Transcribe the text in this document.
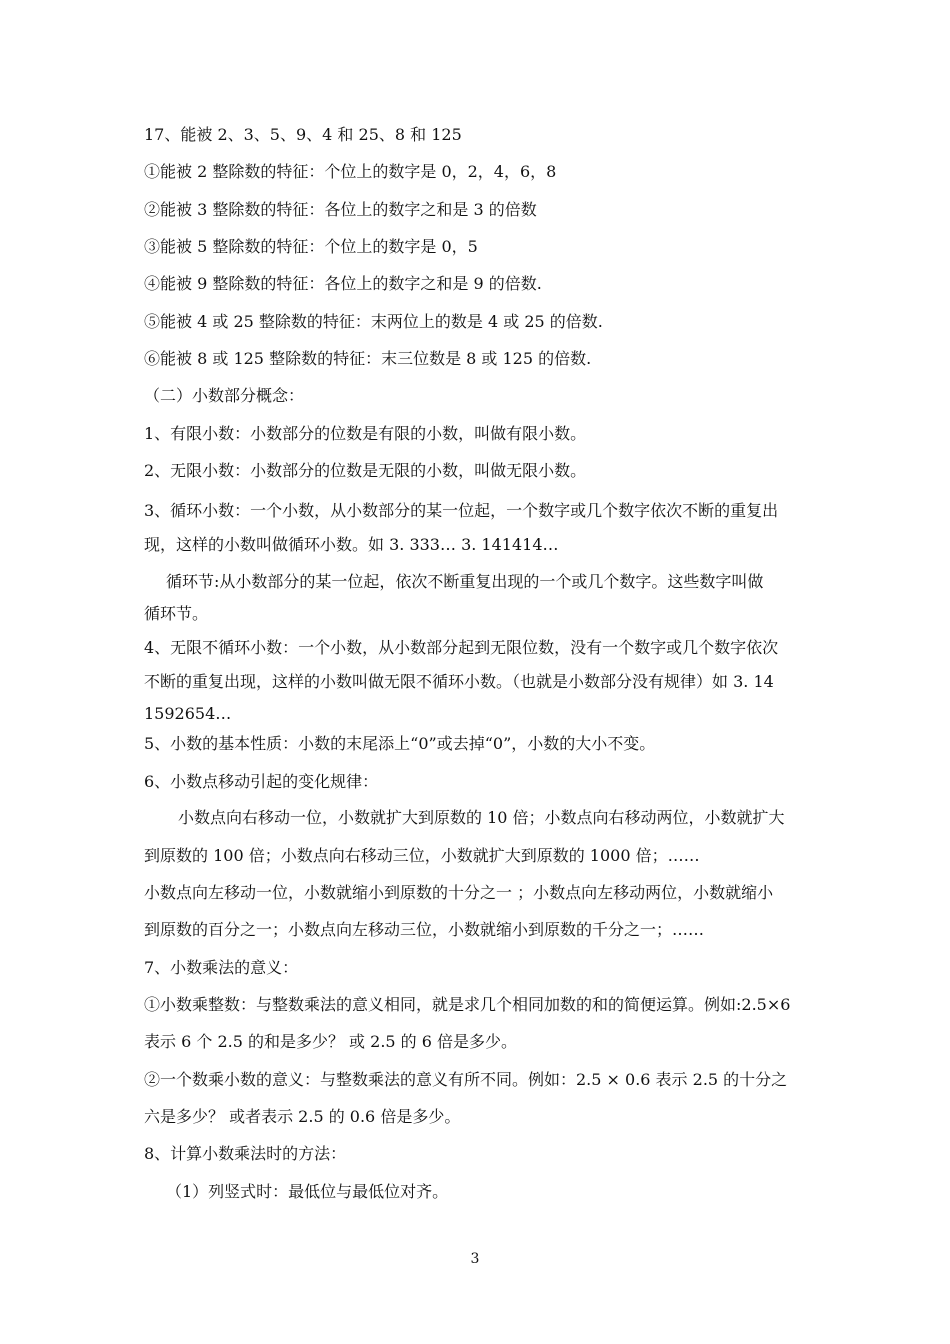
17、能被 2、3、5、9、4 和 25、8 和 125
①能被 2 整除数的特征：个位上的数字是 0，2，4，6，8
②能被 3 整除数的特征：各位上的数字之和是 3 的倍数
③能被 5 整除数的特征：个位上的数字是 0，5
④能被 9 整除数的特征：各位上的数字之和是 9 的倍数.
⑤能被 4 或 25 整除数的特征：末两位上的数是 4 或 25 的倍数.
⑥能被 8 或 125 整除数的特征：末三位数是 8 或 125 的倍数.
（二）小数部分概念：
1、有限小数：小数部分的位数是有限的小数，叫做有限小数。
2、无限小数：小数部分的位数是无限的小数，叫做无限小数。
3、循环小数：一个小数，从小数部分的某一位起，一个数字或几个数字依次不断的重复出
现，这样的小数叫做循环小数。如 3. 333… 3. 141414…
循环节:从小数部分的某一位起，依次不断重复出现的一个或几个数字。这些数字叫做
循环节。
4、无限不循环小数：一个小数，从小数部分起到无限位数，没有一个数字或几个数字依次
不断的重复出现，这样的小数叫做无限不循环小数。（也就是小数部分没有规律）如 3. 14
1592654…
5、小数的基本性质：小数的末尾添上“0”或去掉“0”，小数的大小不变。
6、小数点移动引起的变化规律：
小数点向右移动一位，小数就扩大到原数的 10 倍；小数点向右移动两位，小数就扩大
到原数的 100 倍；小数点向右移动三位，小数就扩大到原数的 1000 倍；……
小数点向左移动一位，小数就缩小到原数的十分之一 ；小数点向左移动两位，小数就缩小
到原数的百分之一；小数点向左移动三位，小数就缩小到原数的千分之一；……
7、小数乘法的意义：
①小数乘整数：与整数乘法的意义相同，就是求几个相同加数的和的简便运算。例如:2.5×6
表示 6 个 2.5 的和是多少？ 或 2.5 的 6 倍是多少。
②一个数乘小数的意义：与整数乘法的意义有所不同。例如：2.5 × 0.6 表示 2.5 的十分之
六是多少？ 或者表示 2.5 的 0.6 倍是多少。
8、计算小数乘法时的方法：
（1）列竖式时：最低位与最低位对齐。
3
